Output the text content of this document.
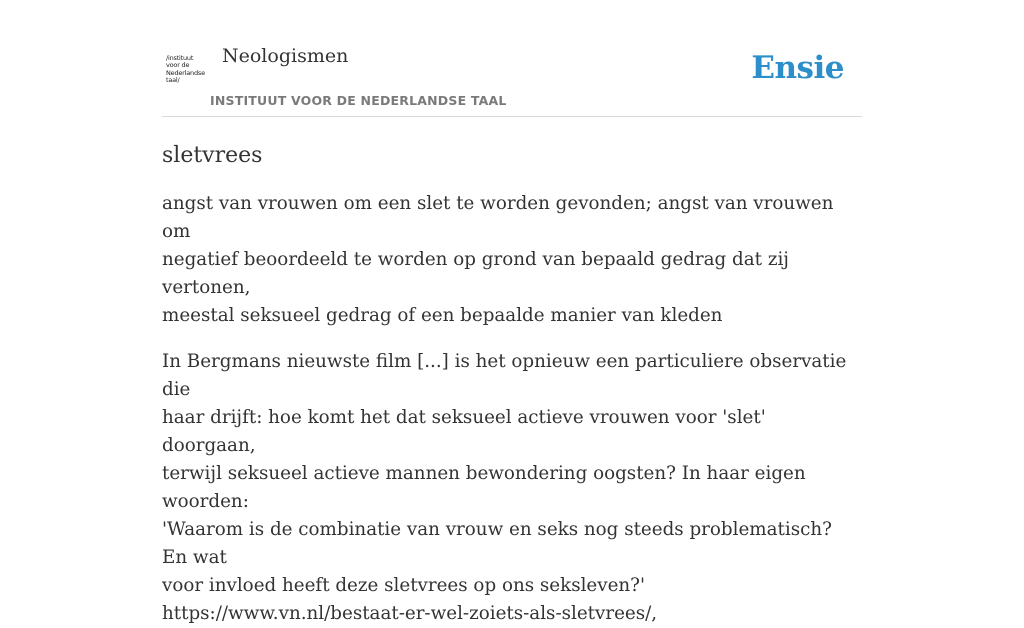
/instituut
voor de
Nederlandse
taal/
Neologismen
INSTITUUT VOOR DE NEDERLANDSE TAAL
Ensie
sletvrees

angst van vrouwen om een slet te worden gevonden; angst van vrouwen om
negatief beoordeeld te worden op grond van bepaald gedrag dat zij vertonen,
meestal seksueel gedrag of een bepaalde manier van kleden

In Bergmans nieuwste film [...] is het opnieuw een particuliere observatie die
haar drijft: hoe komt het dat seksueel actieve vrouwen voor 'slet' doorgaan,
terwijl seksueel actieve mannen bewondering oogsten? In haar eigen woorden:
'Waarom is de combinatie van vrouw en seks nog steeds problematisch? En wat
voor invloed heeft deze sletvrees op ons seksleven?'
https://www.vn.nl/bestaat-er-wel-zoiets-als-sletvrees/,
